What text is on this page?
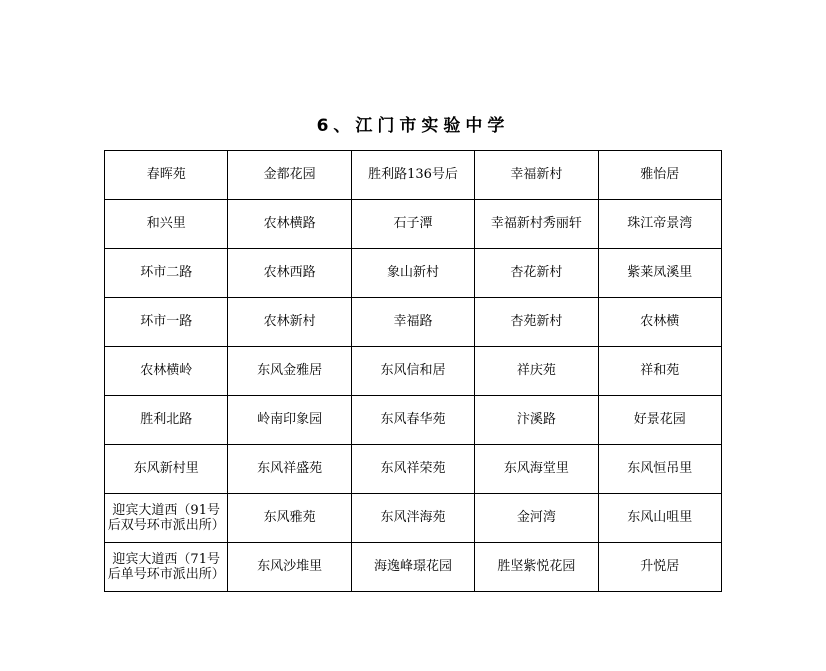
6、江门市实验中学
春晖苑	金都花园	胜利路136号后	幸福新村	雅怡居
和兴里	农林横路	石子潭	幸福新村秀丽轩	珠江帝景湾
环市二路	农林西路	象山新村	杏花新村	紫莱凤溪里
环市一路	农林新村	幸福路	杏苑新村	农林横
农林横岭	东风金雅居	东风信和居	祥庆苑	祥和苑
胜利北路	岭南印象园	东风春华苑	汴溪路	好景花园
东风新村里	东风祥盛苑	东风祥荣苑	东风海堂里	东风恒吊里
迎宾大道西（91号后双号环市派出所）	东风雅苑	东风泮海苑	金河湾	东风山咀里
迎宾大道西（71号后单号环市派出所）	东风沙堆里	海逸峰璟花园	胜坚紫悦花园	升悦居
